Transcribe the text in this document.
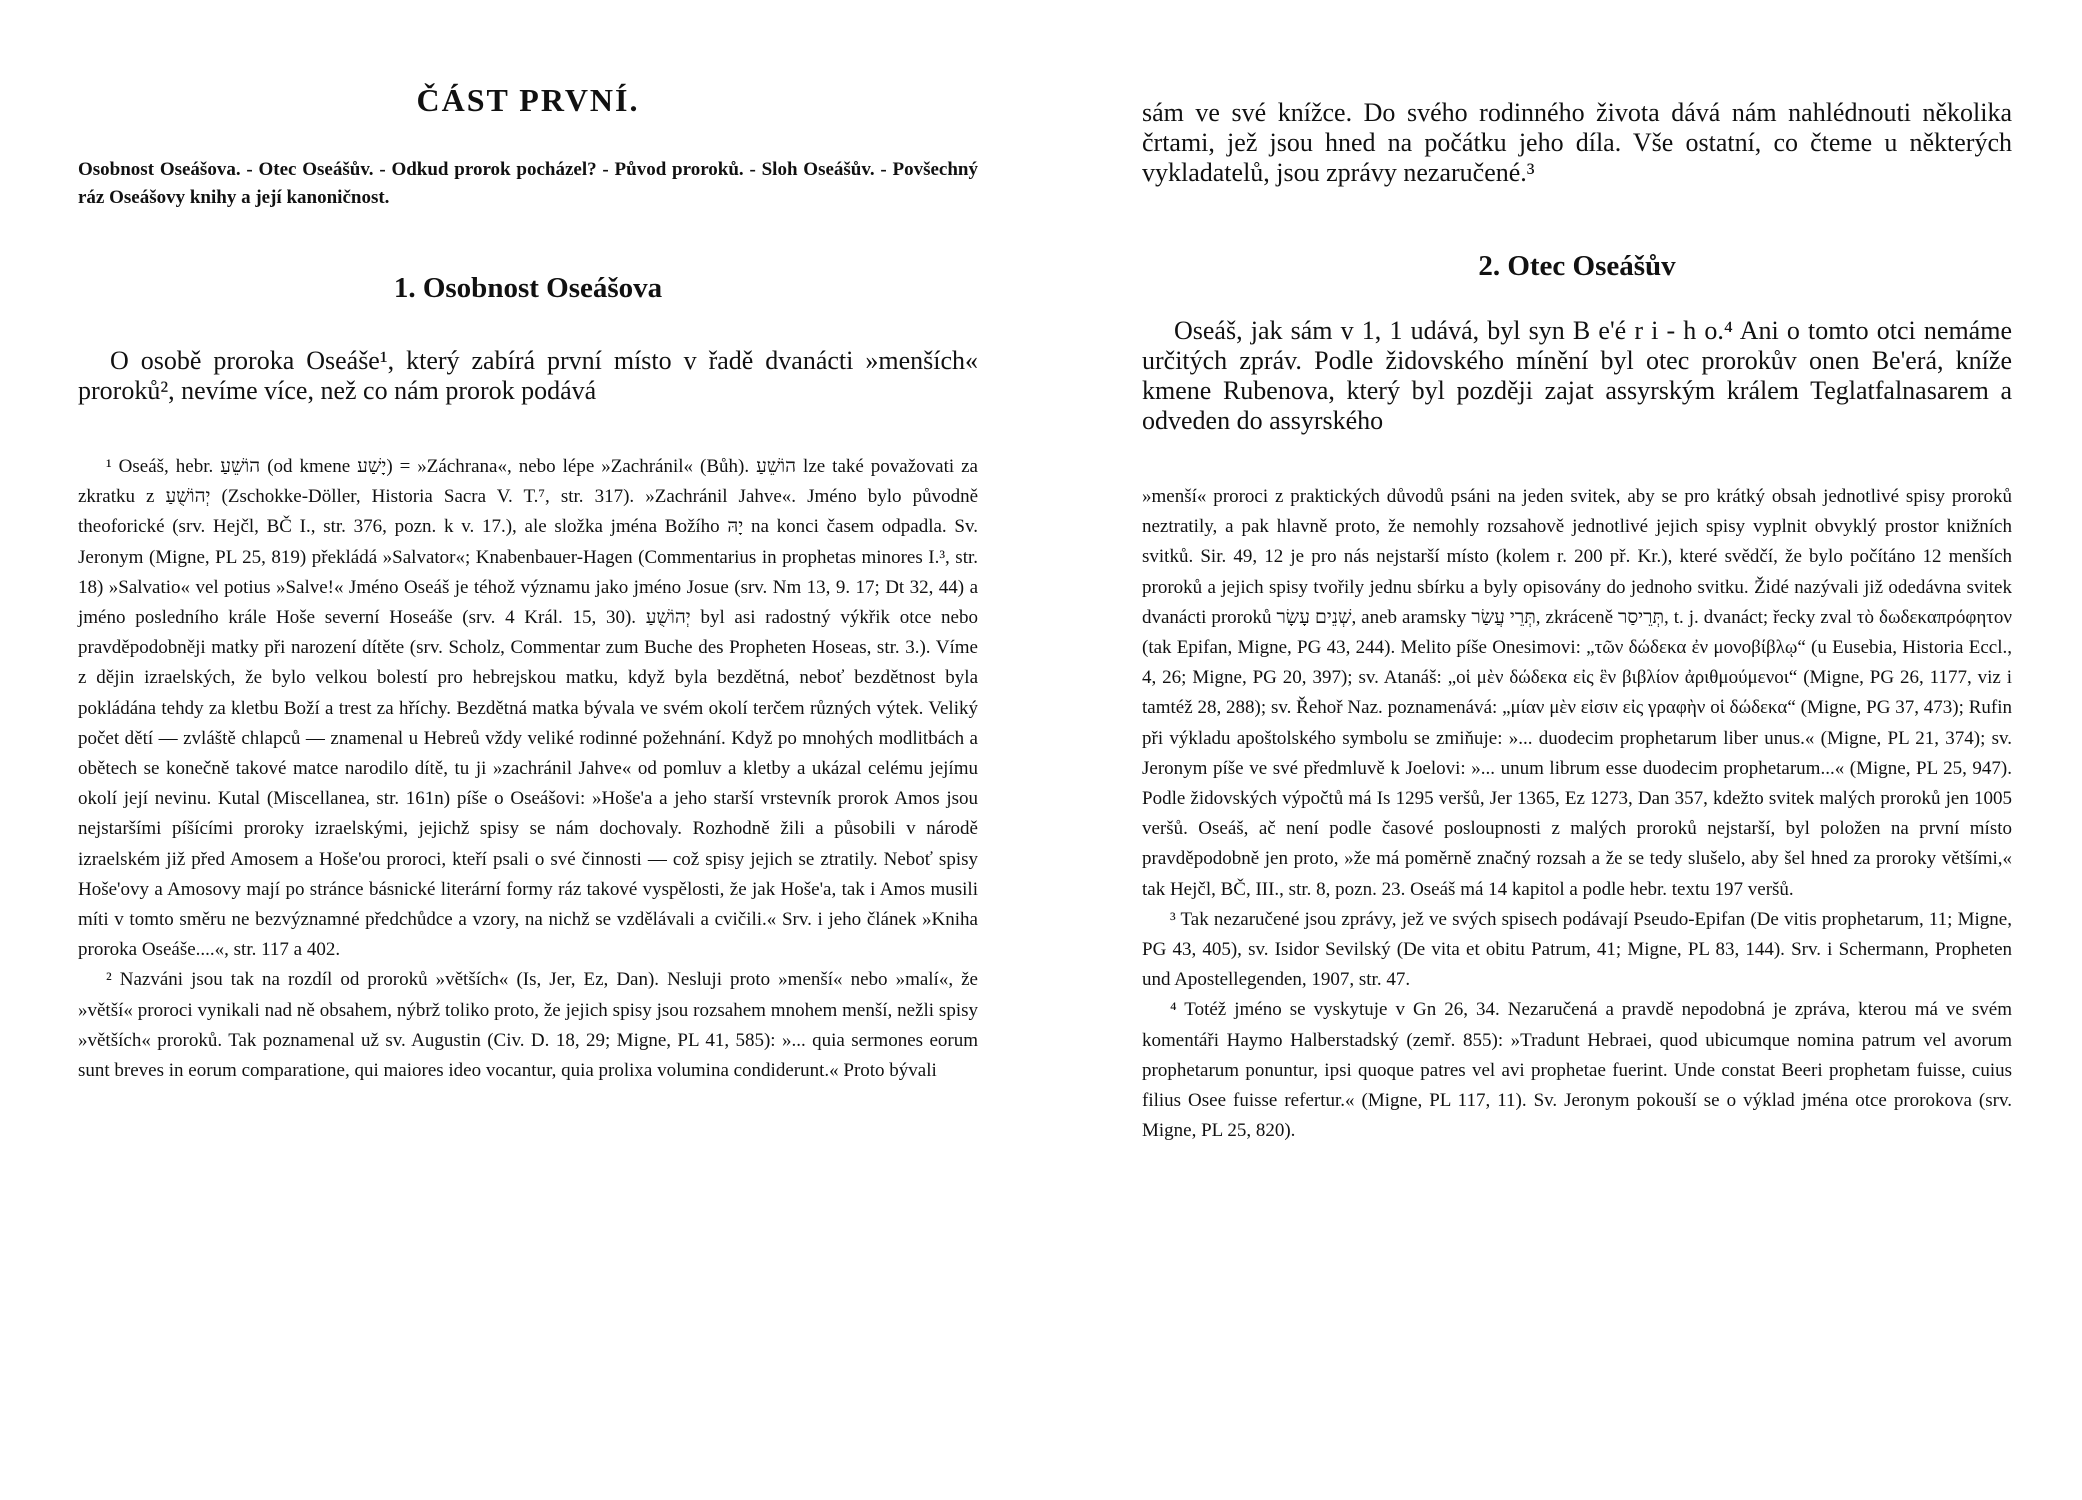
ČÁST PRVNÍ.
Osobnost Oseášova. - Otec Oseášův. - Odkud prorok pocházel? - Původ proroků. - Sloh Oseášův. - Povšechný ráz Oseášovy knihy a její kanoničnost.
1. Osobnost Oseášova
O osobě proroka Oseáše¹, který zabírá první místo v řadě dvanácti »menších« proroků², nevíme více, než co nám prorok podává

¹ Oseáš, hebr. הוֹשֵׁעַ (od kmene יָשַׁע) = »Záchrana«, nebo lépe »Zachránil« (Bůh). הוֹשֵׁעַ lze také považovati za zkratku z יְהוֹשֻׁעַ (Zschokke-Döller, Historia Sacra V. T.⁷, str. 317). »Zachránil Jahve«. Jméno bylo původně theoforické (srv. Hejčl, BČ I., str. 376, pozn. k v. 17.), ale složka jména Božího יָהּ na konci časem odpadla. Sv. Jeronym (Migne, PL 25, 819) překládá »Salvator«; Knabenbauer-Hagen (Commentarius in prophetas minores I.³, str. 18) »Salvatio« vel potius »Salve!« Jméno Oseáš je téhož významu jako jméno Josue (srv. Nm 13, 9. 17; Dt 32, 44) a jméno posledního krále Hoše severní Hoseáše (srv. 4 Král. 15, 30). יְהוֹשֻׁעַ byl asi radostný výkřik otce nebo pravděpodobněji matky při narození dítěte (srv. Scholz, Commentar zum Buche des Propheten Hoseas, str. 3.). Víme z dějin izraelských, že bylo velkou bolestí pro hebrejskou matku, když byla bezdětná, neboť bezdětnost byla pokládána tehdy za kletbu Boží a trest za hříchy. Bezdětná matka bývala ve svém okolí terčem různých výtek. Veliký počet dětí — zvláště chlapců — znamenal u Hebreů vždy veliké rodinné požehnání. Když po mnohých modlitbách a obětech se konečně takové matce narodilo dítě, tu ji »zachránil Jahve« od pomluv a kletby a ukázal celému jejímu okolí její nevinu. Kutal (Miscellanea, str. 161n) píše o Oseášovi: »Hoše'a a jeho starší vrstevník prorok Amos jsou nejstaršími píšícími proroky izraelskými, jejichž spisy se nám dochovaly. Rozhodně žili a působili v národě izraelském již před Amosem a Hoše'ou proroci, kteří psali o své činnosti — což spisy jejich se ztratily. Neboť spisy Hoše'ovy a Amosovy mají po stránce básnické literární formy ráz takové vyspělosti, že jak Hoše'a, tak i Amos musili míti v tomto směru ne bezvýznamné předchůdce a vzory, na nichž se vzdělávali a cvičili.« Srv. i jeho článek »Kniha proroka Oseáše....«, str. 117 a 402.

² Nazváni jsou tak na rozdíl od proroků »větších« (Is, Jer, Ez, Dan). Nesluji proto »menší« nebo »malí«, že »větší« proroci vynikali nad ně obsahem, nýbrž toliko proto, že jejich spisy jsou rozsahem mnohem menší, nežli spisy »větších« proroků. Tak poznamenal už sv. Augustin (Civ. D. 18, 29; Migne, PL 41, 585): »... quia sermones eorum sunt breves in eorum comparatione, qui maiores ideo vocantur, quia prolixa volumina condiderunt.« Proto bývali

sám ve své knížce. Do svého rodinného života dává nám nahlédnouti několika črtami, jež jsou hned na počátku jeho díla. Vše ostatní, co čteme u některých vykladatelů, jsou zprávy nezaručené.³
2. Otec Oseášův
Oseáš, jak sám v 1, 1 udává, byl syn B e'é r i - h o.⁴ Ani o tomto otci nemáme určitých zpráv. Podle židovského mínění byl otec prorokův onen Be'erá, kníže kmene Rubenova, který byl později zajat assyrským králem Teglatfalnasarem a odveden do assyrského

»menší« proroci z praktických důvodů psáni na jeden svitek, aby se pro krátký obsah jednotlivé spisy proroků neztratily, a pak hlavně proto, že nemohly rozsahově jednotlivé jejich spisy vyplnit obvyklý prostor knižních svitků. Sir. 49, 12 je pro nás nejstarší místo (kolem r. 200 př. Kr.), které svědčí, že bylo počítáno 12 menších proroků a jejich spisy tvořily jednu sbírku a byly opisovány do jednoho svitku. Židé nazývali již odedávna svitek dvanácti proroků שְׁנֵים עָשָׂר, aneb aramsky תְּרֵי עֲשַׂר, zkráceně תְּרֵיסַר, t. j. dvanáct; řecky zval τὸ δωδεκαπρόφητον (tak Epifan, Migne, PG 43, 244). Melito píše Onesimovi: „τῶν δώδεκα ἐν μονοβίβλῳ“ (u Eusebia, Historia Eccl., 4, 26; Migne, PG 20, 397); sv. Atanáš: „οἱ μὲν δώδεκα εἰς ἓν βιβλίον ἀριθμούμενοι“ (Migne, PG 26, 1177, viz i tamtéž 28, 288); sv. Řehoř Naz. poznamenává: „μίαν μὲν εἰσιν εἰς γραφὴν οἱ δώδεκα“ (Migne, PG 37, 473); Rufin při výkladu apoštolského symbolu se zmiňuje: »... duodecim prophetarum liber unus.« (Migne, PL 21, 374); sv. Jeronym píše ve své předmluvě k Joelovi: »... unum librum esse duodecim prophetarum...« (Migne, PL 25, 947). Podle židovských výpočtů má Is 1295 veršů, Jer 1365, Ez 1273, Dan 357, kdežto svitek malých proroků jen 1005 veršů. Oseáš, ač není podle časové posloupnosti z malých proroků nejstarší, byl položen na první místo pravděpodobně jen proto, »že má poměrně značný rozsah a že se tedy slušelo, aby šel hned za proroky většími,« tak Hejčl, BČ, III., str. 8, pozn. 23. Oseáš má 14 kapitol a podle hebr. textu 197 veršů.

³ Tak nezaručené jsou zprávy, jež ve svých spisech podávají Pseudo-Epifan (De vitis prophetarum, 11; Migne, PG 43, 405), sv. Isidor Sevilský (De vita et obitu Patrum, 41; Migne, PL 83, 144). Srv. i Schermann, Propheten und Apostellegenden, 1907, str. 47.

⁴ Totéž jméno se vyskytuje v Gn 26, 34. Nezaručená a pravdě nepodobná je zpráva, kterou má ve svém komentáři Haymo Halberstadský (zemř. 855): »Tradunt Hebraei, quod ubicumque nomina patrum vel avorum prophetarum ponuntur, ipsi quoque patres vel avi prophetae fuerint. Unde constat Beeri prophetam fuisse, cuius filius Osee fuisse refertur.« (Migne, PL 117, 11). Sv. Jeronym pokouší se o výklad jména otce prorokova (srv. Migne, PL 25, 820).
